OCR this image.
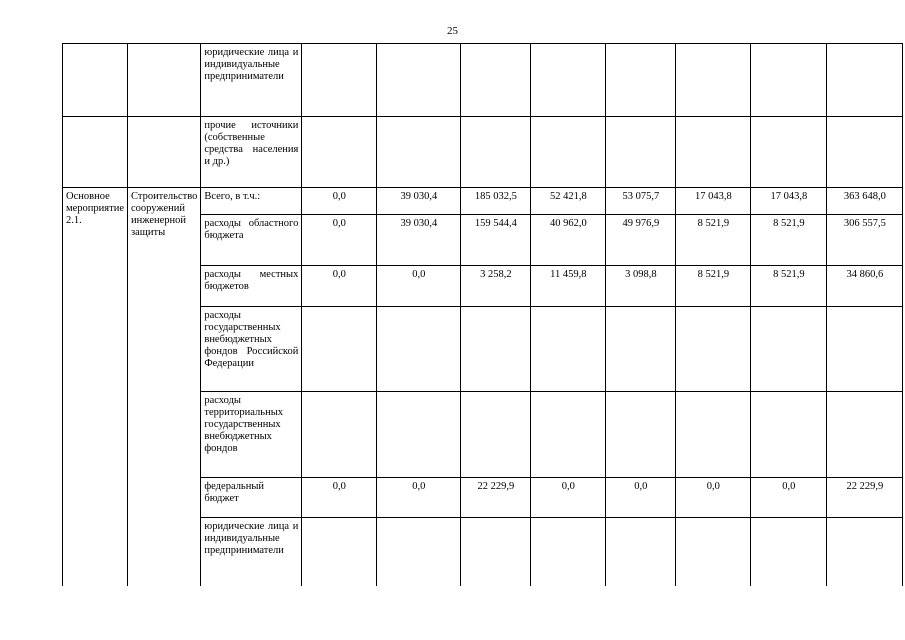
25
		юридические лица и индивидуальные предприниматели								
		прочие источники (собственные средства населения и др.)								
Основное мероприятие 2.1.	Строительство сооружений инженерной защиты	Всего, в т.ч.:	0,0	39 030,4	185 032,5	52 421,8	53 075,7	17 043,8	17 043,8	363 648,0
		расходы областного бюджета	0,0	39 030,4	159 544,4	40 962,0	49 976,9	8 521,9	8 521,9	306 557,5
		расходы местных бюджетов	0,0	0,0	3 258,2	11 459,8	3 098,8	8 521,9	8 521,9	34 860,6
		расходы государственных внебюджетных фондов Российской Федерации								
		расходы территориальных государственных внебюджетных фондов								
		федеральный бюджет	0,0	0,0	22 229,9	0,0	0,0	0,0	0,0	22 229,9
		юридические лица и индивидуальные предприниматели								
